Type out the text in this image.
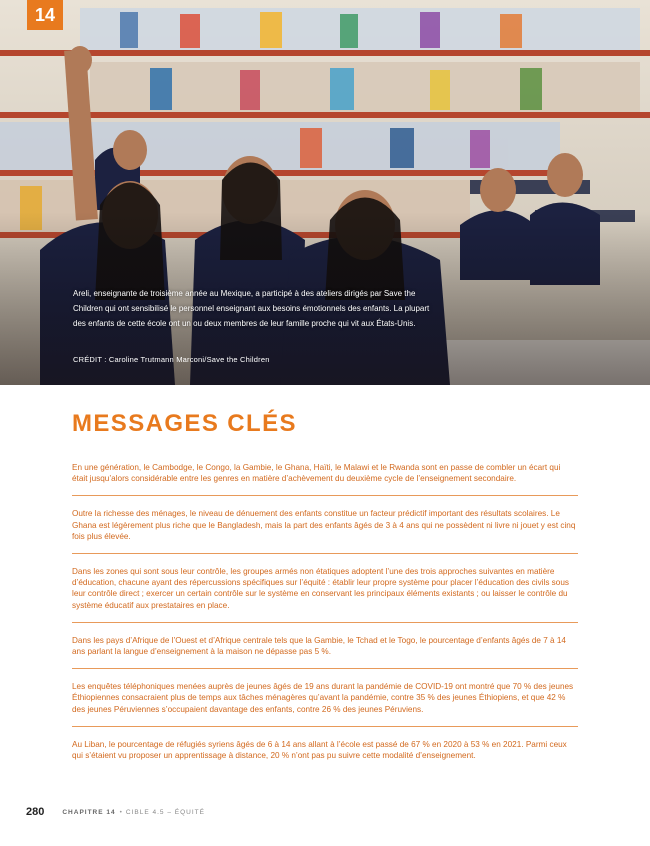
14
Areli, enseignante de troisième année au Mexique, a participé à des ateliers dirigés par Save the Children qui ont sensibilisé le personnel enseignant aux besoins émotionnels des enfants. La plupart des enfants de cette école ont un ou deux membres de leur famille proche qui vit aux États-Unis.
CRÉDIT : Caroline Trutmann Marconi/Save the Children
MESSAGES CLÉS
En une génération, le Cambodge, le Congo, la Gambie, le Ghana, Haïti, le Malawi et le Rwanda sont en passe de combler un écart qui était jusqu’alors considérable entre les genres en matière d’achèvement du deuxième cycle de l’enseignement secondaire.
Outre la richesse des ménages, le niveau de dénuement des enfants constitue un facteur prédictif important des résultats scolaires. Le Ghana est légèrement plus riche que le Bangladesh, mais la part des enfants âgés de 3 à 4 ans qui ne possèdent ni livre ni jouet y est cinq fois plus élevée.
Dans les zones qui sont sous leur contrôle, les groupes armés non étatiques adoptent l’une des trois approches suivantes en matière d’éducation, chacune ayant des répercussions spécifiques sur l’équité : établir leur propre système pour placer l’éducation des civils sous leur contrôle direct ; exercer un certain contrôle sur le système en conservant les principaux éléments existants ; ou laisser le contrôle du système éducatif aux prestataires en place.
Dans les pays d’Afrique de l’Ouest et d’Afrique centrale tels que la Gambie, le Tchad et le Togo, le pourcentage d’enfants âgés de 7 à 14 ans parlant la langue d’enseignement à la maison ne dépasse pas 5 %.
Les enquêtes téléphoniques menées auprès de jeunes âgés de 19 ans durant la pandémie de COVID-19 ont montré que 70 % des jeunes Éthiopiennes consacraient plus de temps aux tâches ménagères qu’avant la pandémie, contre 35 % des jeunes Éthiopiens, et que 42 % des jeunes Péruviennes s’occupaient davantage des enfants, contre 26 % des jeunes Péruviens.
Au Liban, le pourcentage de réfugiés syriens âgés de 6 à 14 ans allant à l’école est passé de 67 % en 2020 à 53 % en 2021. Parmi ceux qui s’étaient vu proposer un apprentissage à distance, 20 % n’ont pas pu suivre cette modalité d’enseignement.
280	CHAPITRE 14 • CIBLE 4.5 – ÉQUITÉ
